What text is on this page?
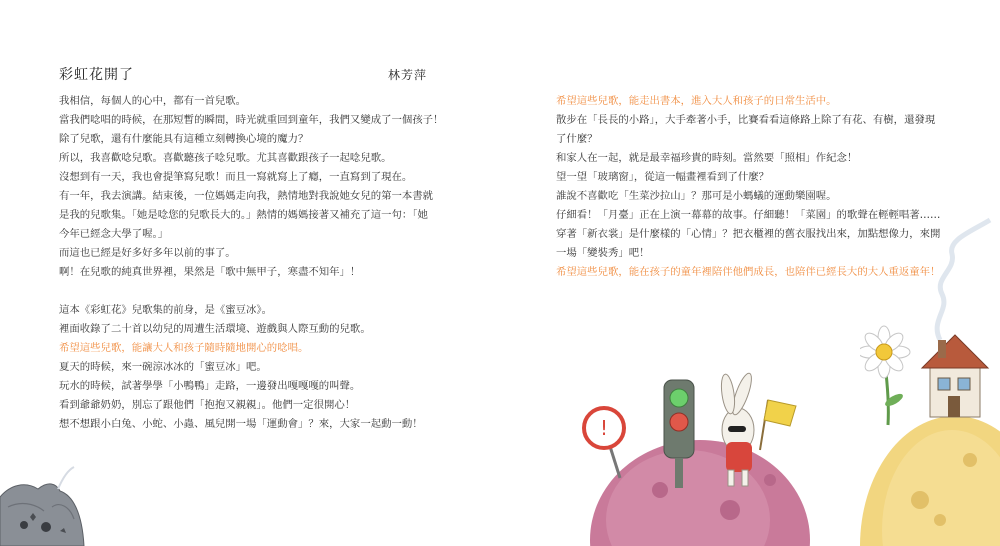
彩虹花開了	林芳萍
我相信，每個人的心中，都有一首兒歌。
當我們唸唱的時候，在那短暫的瞬間，時光就重回到童年，我們又變成了一個孩子！
除了兒歌，還有什麼能具有這種立刻轉換心境的魔力？
所以，我喜歡唸兒歌。喜歡聽孩子唸兒歌。尤其喜歡跟孩子一起唸兒歌。
沒想到有一天，我也會提筆寫兒歌！而且一寫就寫上了癮，一直寫到了現在。
有一年，我去演講。結束後，一位媽媽走向我，熱情地對我說她女兒的第一本書就
是我的兒歌集。「她是唸您的兒歌長大的。」熱情的媽媽接著又補充了這一句：「她
今年已經念大學了喔。」
而這也已經是好多好多年以前的事了。
啊！在兒歌的純真世界裡，果然是「歌中無甲子，寒盡不知年」！
這本《彩虹花》兒歌集的前身，是《蜜豆冰》。
裡面收錄了二十首以幼兒的周遭生活環境、遊戲與人際互動的兒歌。
希望這些兒歌，能讓大人和孩子隨時隨地開心的唸唱。
夏天的時候，來一碗涼冰冰的「蜜豆冰」吧。
玩水的時候，試著學學「小鴨鴨」走路，一邊發出嘎嘎嘎的叫聲。
看到爺爺奶奶，別忘了跟他們「抱抱又親親」。他們一定很開心！
想不想跟小白兔、小蛇、小蟲、風兒開一場「運動會」？來，大家一起動一動！
希望這些兒歌，能走出書本，進入大人和孩子的日常生活中。
散步在「長長的小路」，大手牽著小手，比賽看看這條路上除了有花、有樹，還發現
了什麼？
和家人在一起，就是最幸福珍貴的時刻。當然要「照相」作紀念！
望一望「玻璃窗」，從這一幅畫裡看到了什麼？
誰說不喜歡吃「生菜沙拉山」？那可是小螞蟻的運動樂園喔。
仔細看！「月臺」正在上演一幕幕的故事。仔細聽！「菜園」的歌聲在輕輕唱著……
穿著「新衣裳」是什麼樣的「心情」？把衣櫃裡的舊衣服找出來，加點想像力，來開
一場「變裝秀」吧！
希望這些兒歌，能在孩子的童年裡陪伴他們成長，也陪伴已經長大的大人重返童年！
!
